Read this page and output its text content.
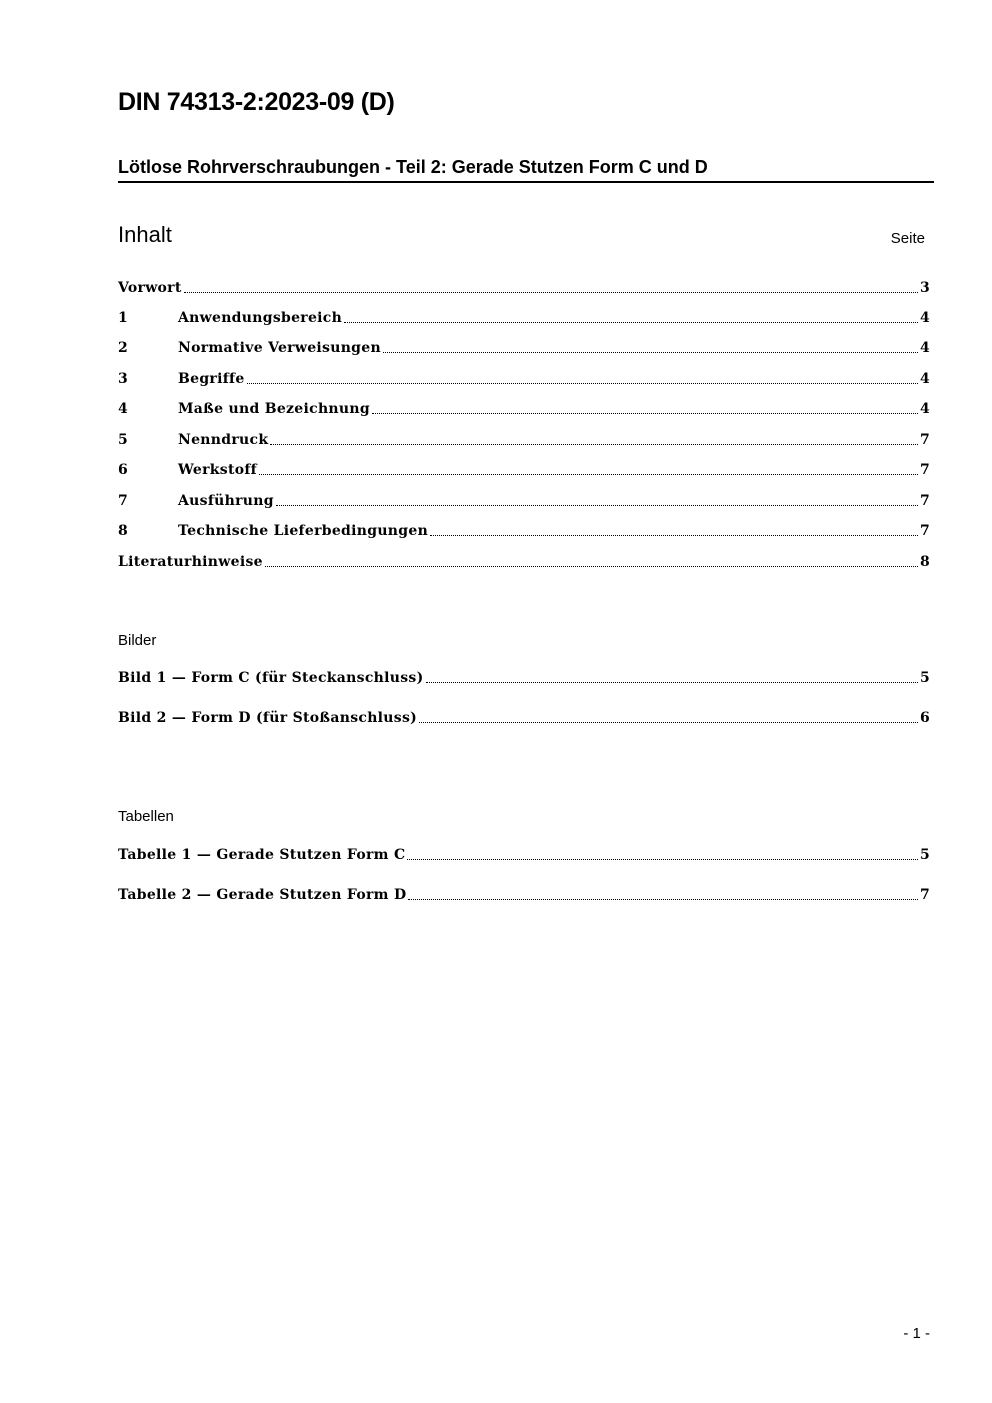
DIN 74313-2:2023-09 (D)
Lötlose Rohrverschraubungen - Teil 2: Gerade Stutzen Form C und D
Inhalt	Seite
Vorwort	3
1	Anwendungsbereich	4
2	Normative Verweisungen	4
3	Begriffe	4
4	Maße und Bezeichnung	4
5	Nenndruck	7
6	Werkstoff	7
7	Ausführung	7
8	Technische Lieferbedingungen	7
Literaturhinweise	8
Bilder
Bild 1 — Form C (für Steckanschluss)	5
Bild 2 — Form D (für Stoßanschluss)	6
Tabellen
Tabelle 1 — Gerade Stutzen Form C	5
Tabelle 2 — Gerade Stutzen Form D	7
- 1 -
